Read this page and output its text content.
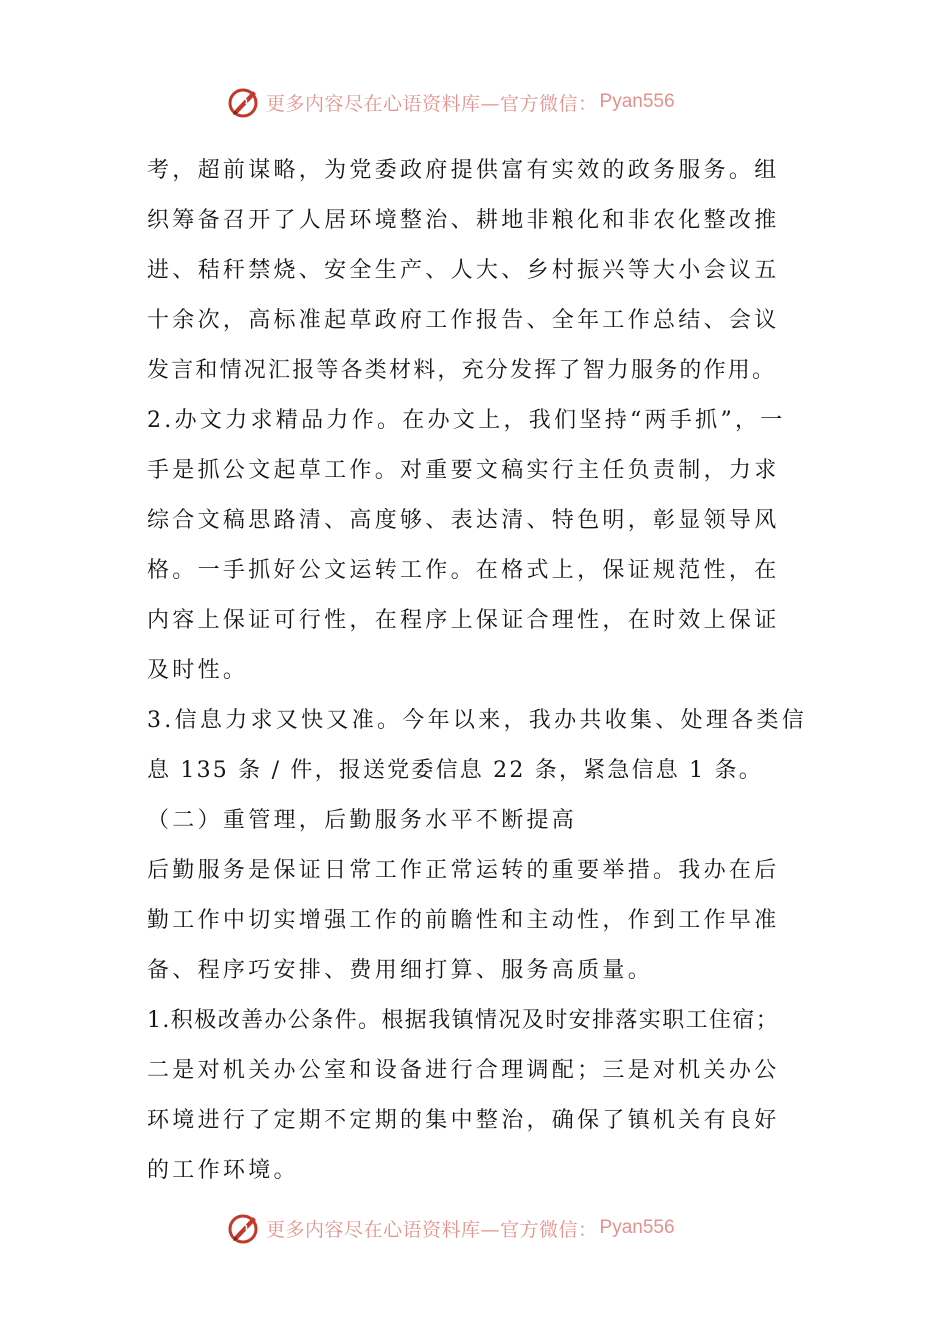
更多内容尽在心语资料库—官方微信： Pyan556
考，超前谋略，为党委政府提供富有实效的政务服务。组
织筹备召开了人居环境整治、耕地非粮化和非农化整改推
进、秸秆禁烧、安全生产、人大、乡村振兴等大小会议五
十余次，高标准起草政府工作报告、全年工作总结、会议
发言和情况汇报等各类材料，充分发挥了智力服务的作用。
2.办文力求精品力作。在办文上，我们坚持“两手抓”，一
手是抓公文起草工作。对重要文稿实行主任负责制，力求
综合文稿思路清、高度够、表达清、特色明，彰显领导风
格。一手抓好公文运转工作。在格式上，保证规范性，在
内容上保证可行性，在程序上保证合理性，在时效上保证
及时性。
3.信息力求又快又准。今年以来，我办共收集、处理各类信
息 135 条 / 件，报送党委信息 22 条，紧急信息 1 条。
（二）重管理，后勤服务水平不断提高
后勤服务是保证日常工作正常运转的重要举措。我办在后
勤工作中切实增强工作的前瞻性和主动性，作到工作早准
备、程序巧安排、费用细打算、服务高质量。
1.积极改善办公条件。根据我镇情况及时安排落实职工住宿；
二是对机关办公室和设备进行合理调配；三是对机关办公
环境进行了定期不定期的集中整治，确保了镇机关有良好
的工作环境。
更多内容尽在心语资料库—官方微信： Pyan556
